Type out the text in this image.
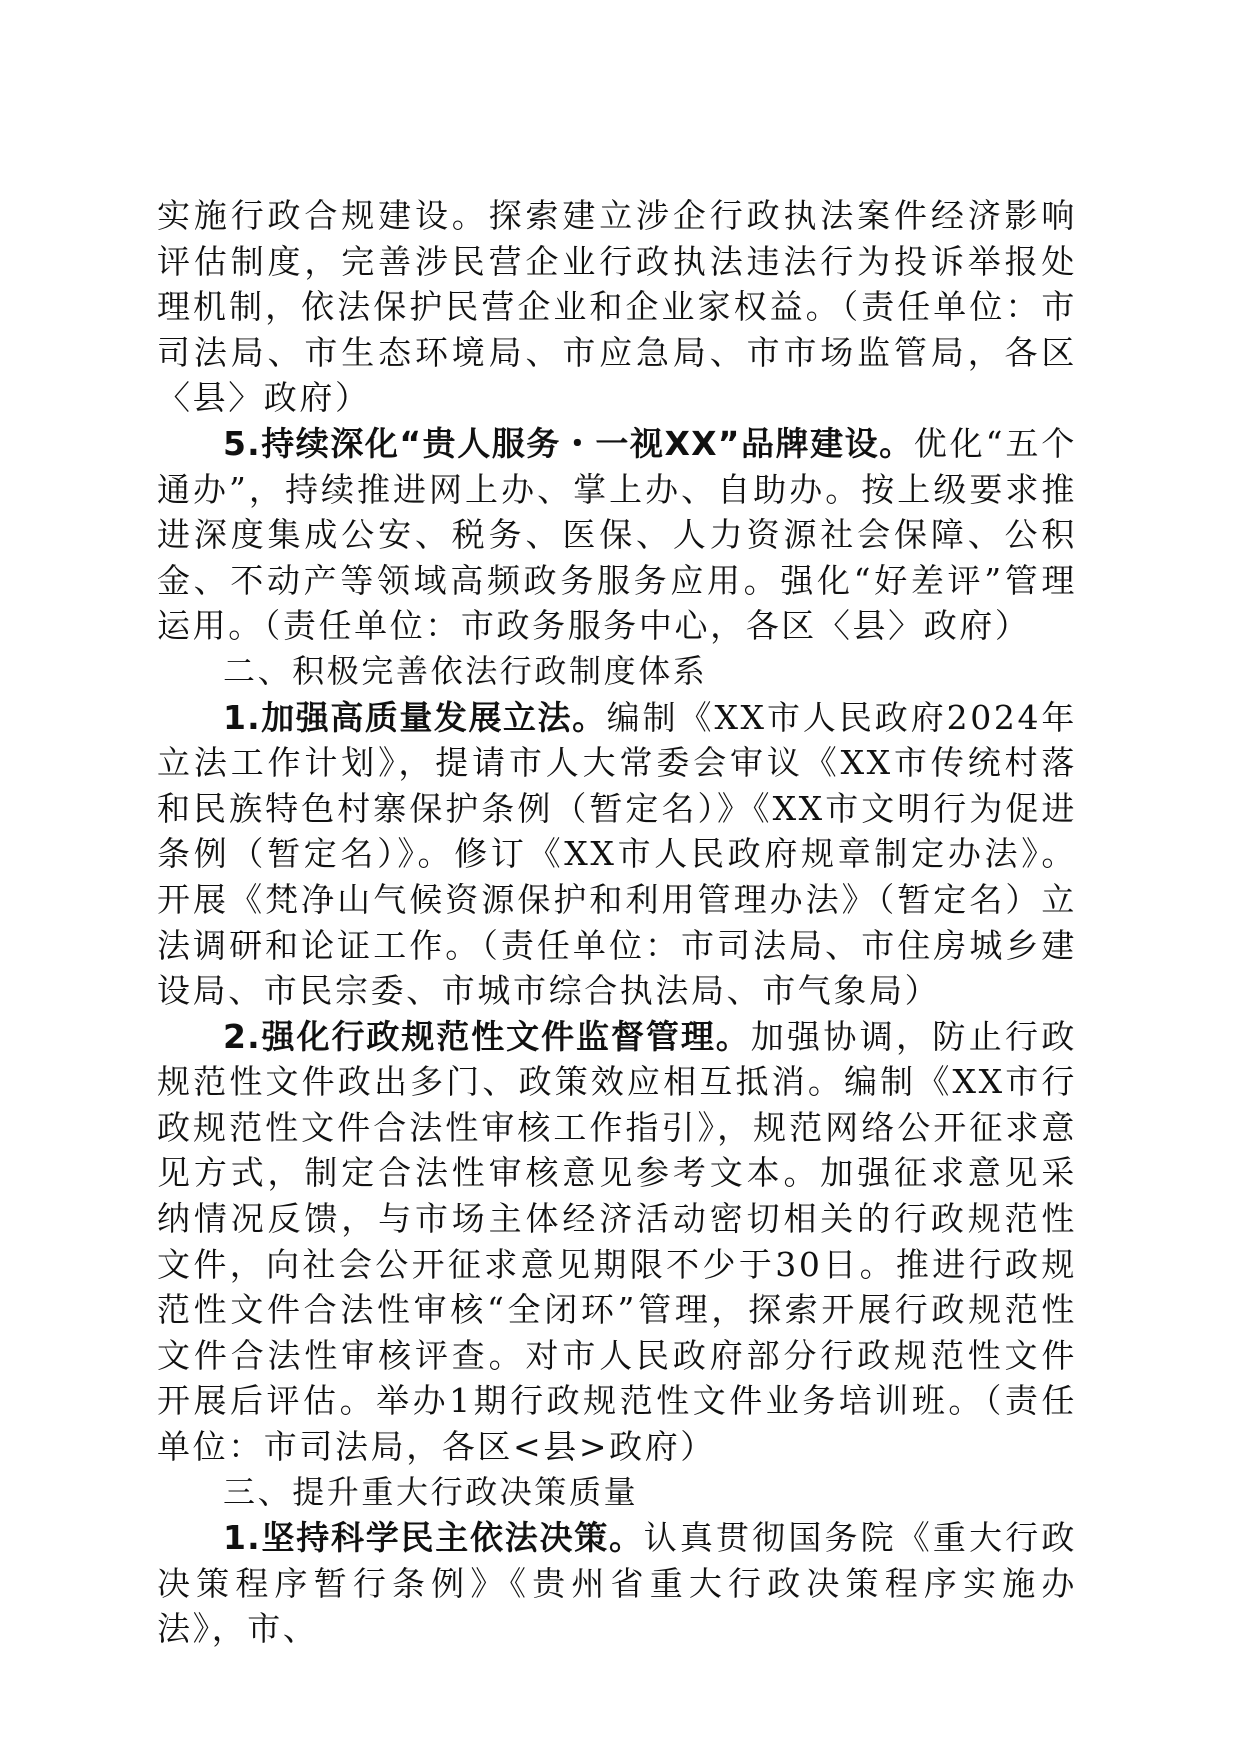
实施行政合规建设。探索建立涉企行政执法案件经济影响评估制度，完善涉民营企业行政执法违法行为投诉举报处理机制，依法保护民营企业和企业家权益。（责任单位：市司法局、市生态环境局、市应急局、市市场监管局，各区〈县〉政府）

5.持续深化“贵人服务・一视XX”品牌建设。优化“五个通办”，持续推进网上办、掌上办、自助办。按上级要求推进深度集成公安、税务、医保、人力资源社会保障、公积金、不动产等领域高频政务服务应用。强化“好差评”管理运用。（责任单位：市政务服务中心，各区〈县〉政府）

二、积极完善依法行政制度体系

1.加强高质量发展立法。编制《XX市人民政府2024年立法工作计划》，提请市人大常委会审议《XX市传统村落和民族特色村寨保护条例（暂定名）》《XX市文明行为促进条例（暂定名）》。修订《XX市人民政府规章制定办法》。开展《梵净山气候资源保护和利用管理办法》（暂定名）立法调研和论证工作。（责任单位：市司法局、市住房城乡建设局、市民宗委、市城市综合执法局、市气象局）

2.强化行政规范性文件监督管理。加强协调，防止行政规范性文件政出多门、政策效应相互抵消。编制《XX市行政规范性文件合法性审核工作指引》，规范网络公开征求意见方式，制定合法性审核意见参考文本。加强征求意见采纳情况反馈，与市场主体经济活动密切相关的行政规范性文件，向社会公开征求意见期限不少于30日。推进行政规范性文件合法性审核“全闭环”管理，探索开展行政规范性文件合法性审核评查。对市人民政府部分行政规范性文件开展后评估。举办1期行政规范性文件业务培训班。（责任单位：市司法局，各区<县>政府）

三、提升重大行政决策质量

1.坚持科学民主依法决策。认真贯彻国务院《重大行政决策程序暂行条例》《贵州省重大行政决策程序实施办法》，市、
